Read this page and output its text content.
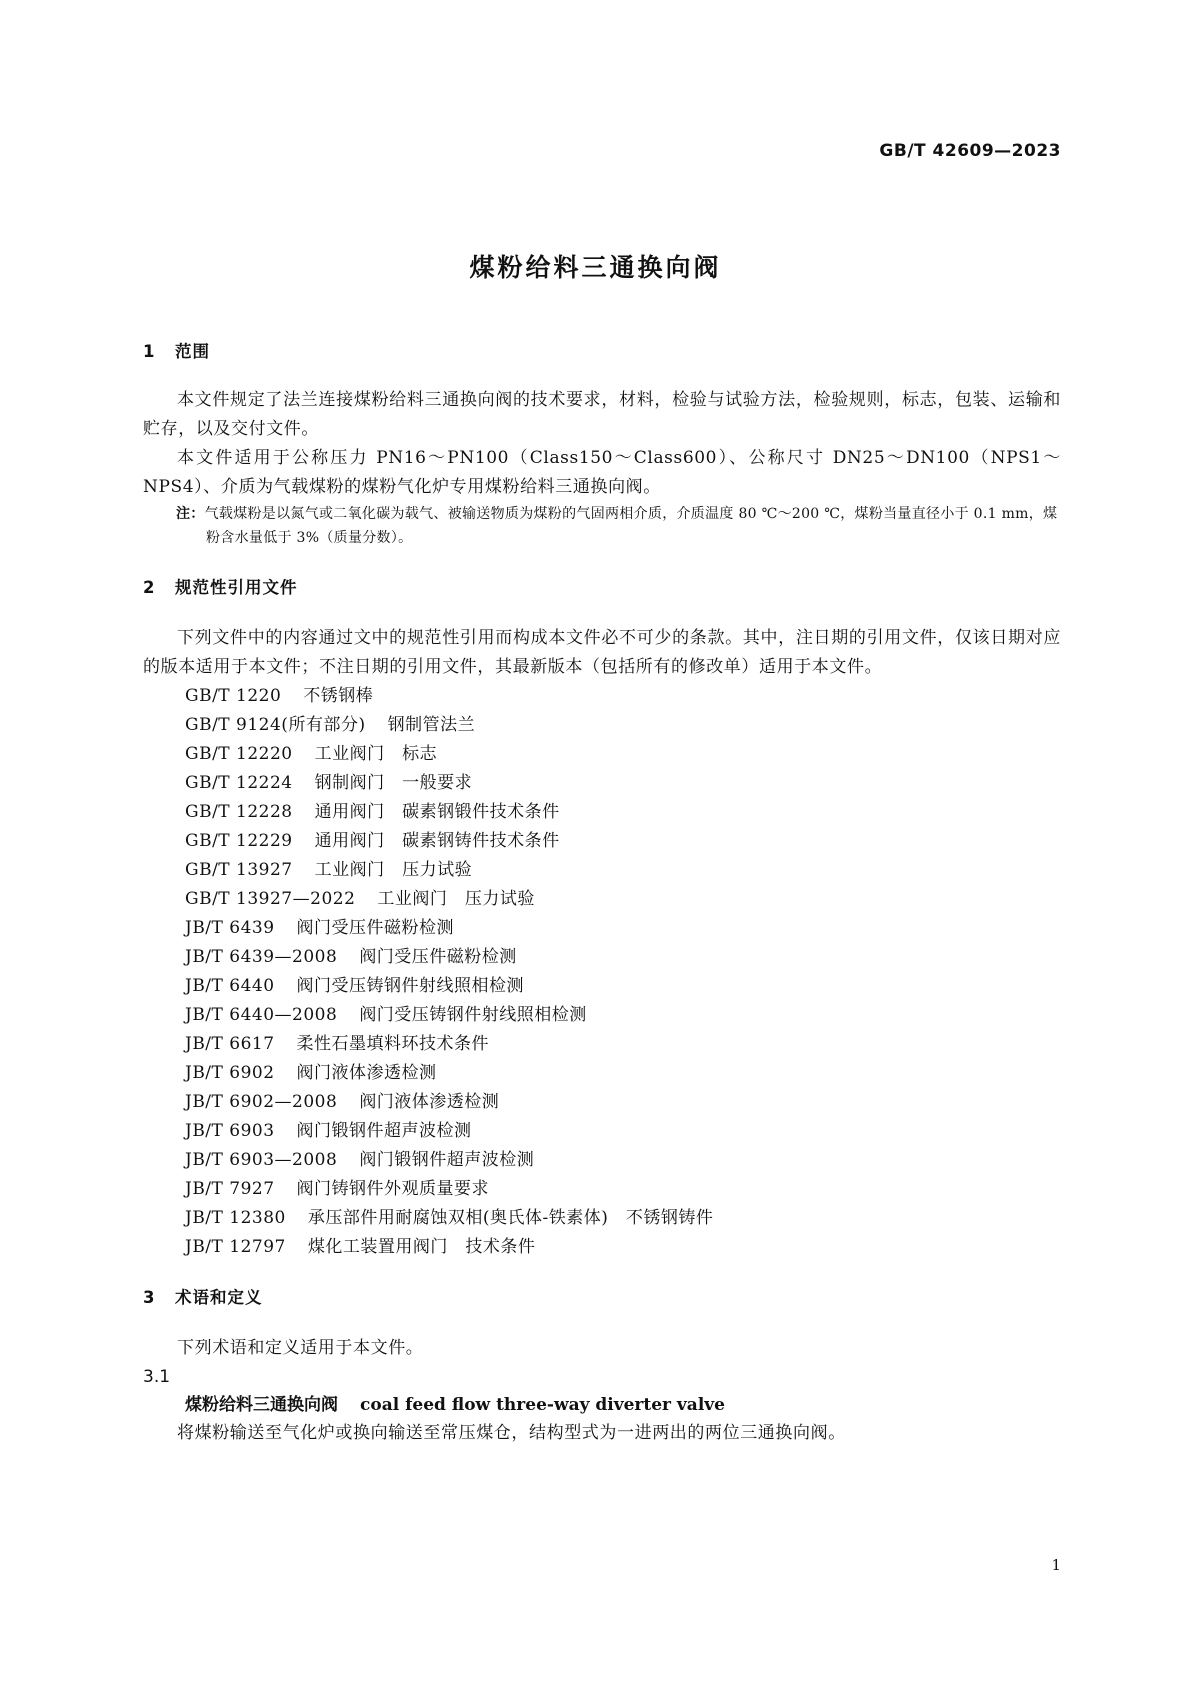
GB/T 42609—2023
煤粉给料三通换向阀
1 范围

本文件规定了法兰连接煤粉给料三通换向阀的技术要求，材料，检验与试验方法，检验规则，标志，包装、运输和贮存，以及交付文件。

本文件适用于公称压力 PN16～PN100（Class150～Class600）、公称尺寸 DN25～DN100（NPS1～NPS4）、介质为气载煤粉的煤粉气化炉专用煤粉给料三通换向阀。

注：气载煤粉是以氮气或二氧化碳为载气、被输送物质为煤粉的气固两相介质，介质温度 80 ℃～200 ℃，煤粉当量直径小于 0.1 mm，煤粉含水量低于 3%（质量分数）。
2 规范性引用文件

下列文件中的内容通过文中的规范性引用而构成本文件必不可少的条款。其中，注日期的引用文件，仅该日期对应的版本适用于本文件；不注日期的引用文件，其最新版本（包括所有的修改单）适用于本文件。

GB/T 1220 不锈钢棒
GB/T 9124(所有部分) 钢制管法兰
GB/T 12220 工业阀门　标志
GB/T 12224 钢制阀门　一般要求
GB/T 12228 通用阀门　碳素钢锻件技术条件
GB/T 12229 通用阀门　碳素钢铸件技术条件
GB/T 13927 工业阀门　压力试验
GB/T 13927—2022 工业阀门　压力试验
JB/T 6439 阀门受压件磁粉检测
JB/T 6439—2008 阀门受压件磁粉检测
JB/T 6440 阀门受压铸钢件射线照相检测
JB/T 6440—2008 阀门受压铸钢件射线照相检测
JB/T 6617 柔性石墨填料环技术条件
JB/T 6902 阀门液体渗透检测
JB/T 6902—2008 阀门液体渗透检测
JB/T 6903 阀门锻钢件超声波检测
JB/T 6903—2008 阀门锻钢件超声波检测
JB/T 7927 阀门铸钢件外观质量要求
JB/T 12380 承压部件用耐腐蚀双相(奥氏体-铁素体)　不锈钢铸件
JB/T 12797 煤化工装置用阀门　技术条件
3 术语和定义

下列术语和定义适用于本文件。

3.1
煤粉给料三通换向阀 coal feed flow three-way diverter valve

将煤粉输送至气化炉或换向输送至常压煤仓，结构型式为一进两出的两位三通换向阀。

1
